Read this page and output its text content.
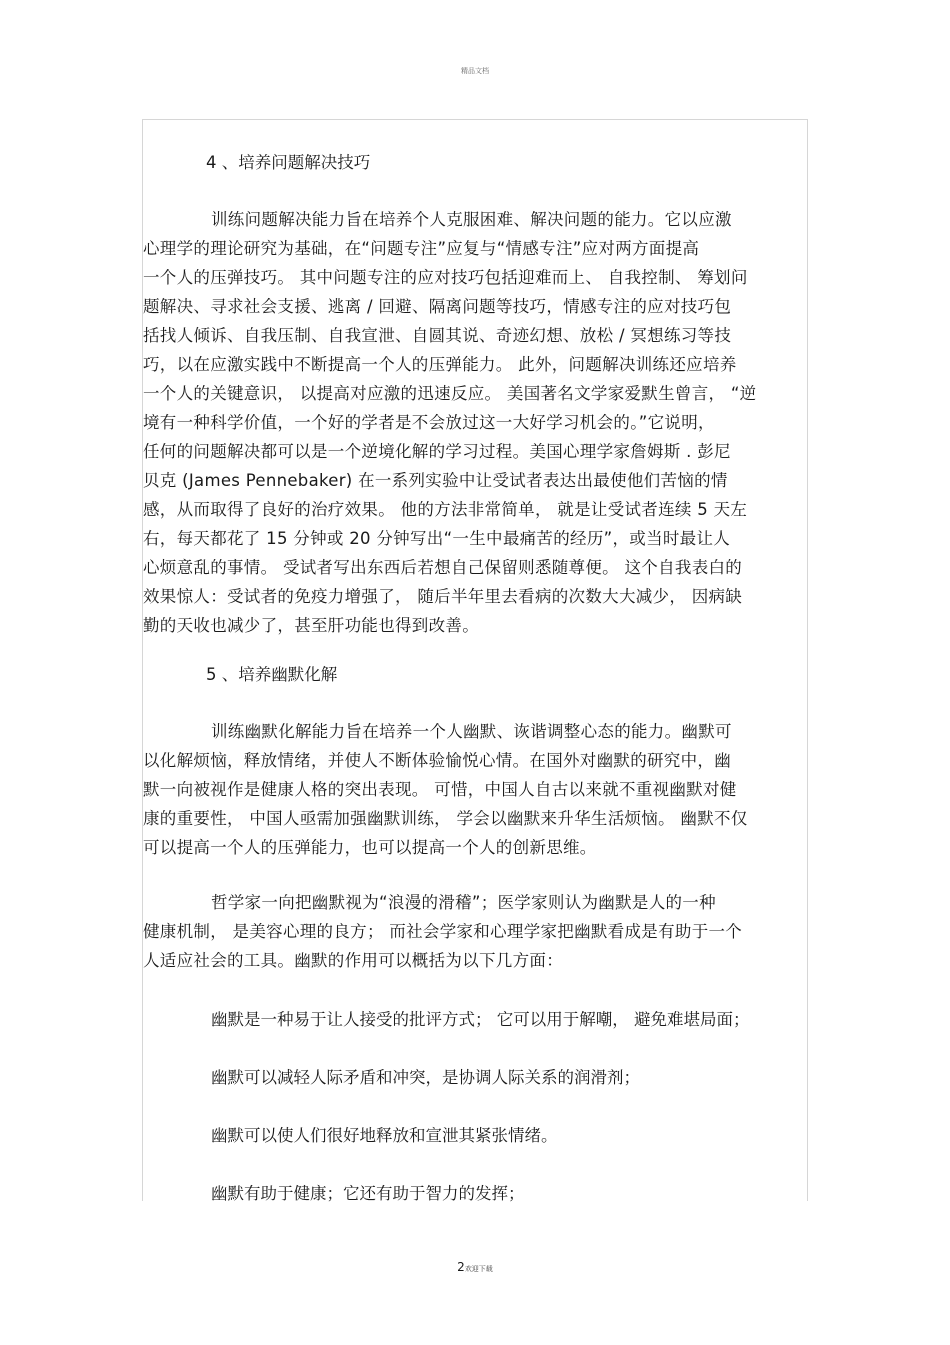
精品文档

4 、培养问题解决技巧

训练问题解决能力旨在培养个人克服困难、解决问题的能力。它以应激
心理学的理论研究为基础，在“问题专注”应复与“情感专注”应对两方面提高
一个人的压弹技巧。 其中问题专注的应对技巧包括迎难而上、 自我控制、 筹划问
题解决、寻求社会支援、逃离 / 回避、隔离问题等技巧，情感专注的应对技巧包
括找人倾诉、自我压制、自我宣泄、自圆其说、奇迹幻想、放松 / 冥想练习等技
巧，以在应激实践中不断提高一个人的压弹能力。 此外，问题解决训练还应培养
一个人的关键意识， 以提高对应激的迅速反应。 美国著名文学家爱默生曾言， “逆
境有一种科学价值，一个好的学者是不会放过这一大好学习机会的。”它说明，
任何的问题解决都可以是一个逆境化解的学习过程。美国心理学家詹姆斯 . 彭尼
贝克 (James Pennebaker) 在一系列实验中让受试者表达出最使他们苦恼的情
感，从而取得了良好的治疗效果。 他的方法非常简单， 就是让受试者连续 5 天左
右，每天都花了 15 分钟或 20 分钟写出“一生中最痛苦的经历”，或当时最让人
心烦意乱的事情。 受试者写出东西后若想自己保留则悉随尊便。 这个自我表白的
效果惊人：受试者的免疫力增强了， 随后半年里去看病的次数大大减少， 因病缺
勤的天收也减少了，甚至肝功能也得到改善。

5 、培养幽默化解

训练幽默化解能力旨在培养一个人幽默、诙谐调整心态的能力。幽默可
以化解烦恼，释放情绪，并使人不断体验愉悦心情。在国外对幽默的研究中，幽
默一向被视作是健康人格的突出表现。 可惜，中国人自古以来就不重视幽默对健
康的重要性， 中国人亟需加强幽默训练， 学会以幽默来升华生活烦恼。 幽默不仅
可以提高一个人的压弹能力，也可以提高一个人的创新思维。

哲学家一向把幽默视为“浪漫的滑稽”；医学家则认为幽默是人的一种
健康机制， 是美容心理的良方； 而社会学家和心理学家把幽默看成是有助于一个
人适应社会的工具。幽默的作用可以概括为以下几方面：

幽默是一种易于让人接受的批评方式； 它可以用于解嘲， 避免难堪局面；

幽默可以减轻人际矛盾和冲突，是协调人际关系的润滑剂；

幽默可以使人们很好地释放和宣泄其紧张情绪。

幽默有助于健康；它还有助于智力的发挥；

2欢迎下载
